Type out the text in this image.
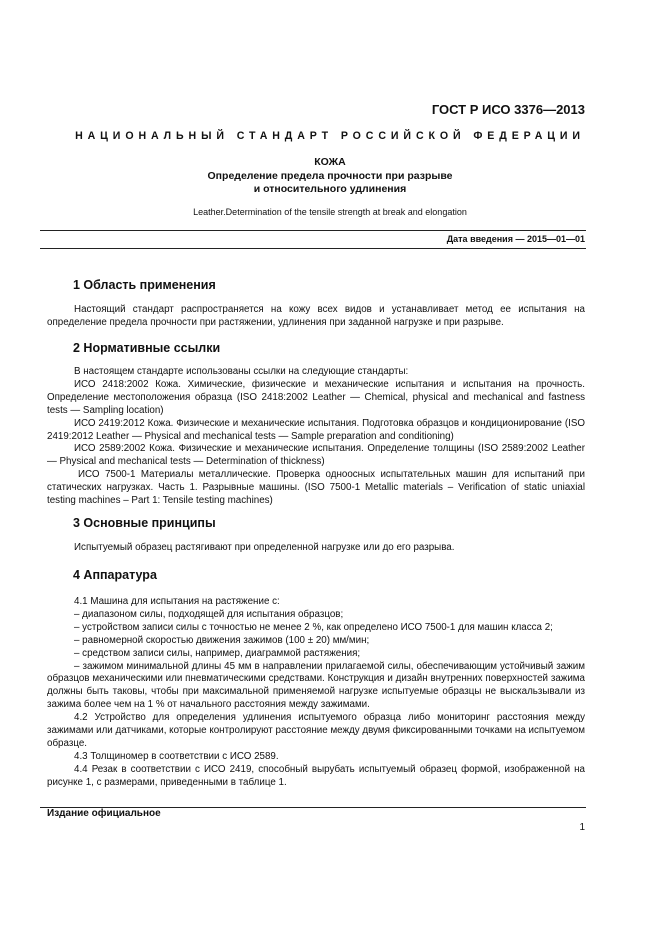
ГОСТ Р ИСО 3376—2013
НАЦИОНАЛЬНЫЙ СТАНДАРТ РОССИЙСКОЙ ФЕДЕРАЦИИ
КОЖА
Определение предела прочности при разрыве
и относительного удлинения
Leather.Determination of the tensile strength at break and elongation
Дата введения — 2015—01—01
1 Область применения

Настоящий стандарт распространяется на кожу всех видов и устанавливает метод ее испытания на определение предела прочности при растяжении, удлинения при заданной нагрузке и при разрыве.

2 Нормативные ссылки

В настоящем стандарте использованы ссылки на следующие стандарты:

ИСО 2418:2002 Кожа. Химические, физические и механические испытания и испытания на прочность. Определение местоположения образца (ISO 2418:2002 Leather — Chemical, physical and mechanical and fastness tests — Sampling location)

ИСО 2419:2012 Кожа. Физические и механические испытания. Подготовка образцов и кондиционирование (ISO 2419:2012 Leather — Physical and mechanical tests — Sample preparation and conditioning)

ИСО 2589:2002 Кожа. Физические и механические испытания. Определение толщины (ISO 2589:2002 Leather — Physical and mechanical tests — Determination of thickness)

ИСО 7500-1 Материалы металлические. Проверка одноосных испытательных машин для испытаний при статических нагрузках. Часть 1. Разрывные машины. (ISO 7500-1 Metallic materials – Verification of static uniaxial testing machines – Part 1: Tensile testing machines)

3 Основные принципы

Испытуемый образец растягивают при определенной нагрузке или до его разрыва.

4 Аппаратура

4.1 Машина для испытания на растяжение с:

– диапазоном силы, подходящей для испытания образцов;

– устройством записи силы с точностью не менее 2 %, как определено ИСО 7500-1 для машин класса 2;

– равномерной скоростью движения зажимов (100 ± 20) мм/мин;

– средством записи силы, например, диаграммой растяжения;

– зажимом минимальной длины 45 мм в направлении прилагаемой силы, обеспечивающим устойчивый зажим образцов механическими или пневматическими средствами. Конструкция и дизайн внутренних поверхностей зажима должны быть таковы, чтобы при максимальной применяемой нагрузке испытуемые образцы не выскальзывали из зажима более чем на 1 % от начального расстояния между зажимами.

4.2 Устройство для определения удлинения испытуемого образца либо мониторинг расстояния между зажимами или датчиками, которые контролируют расстояние между двумя фиксированными точками на испытуемом образце.

4.3 Толщиномер в соответствии с ИСО 2589.

4.4 Резак в соответствии с ИСО 2419, способный вырубать испытуемый образец формой, изображенной на рисунке 1, с размерами, приведенными в таблице 1.

Издание официальное
1
